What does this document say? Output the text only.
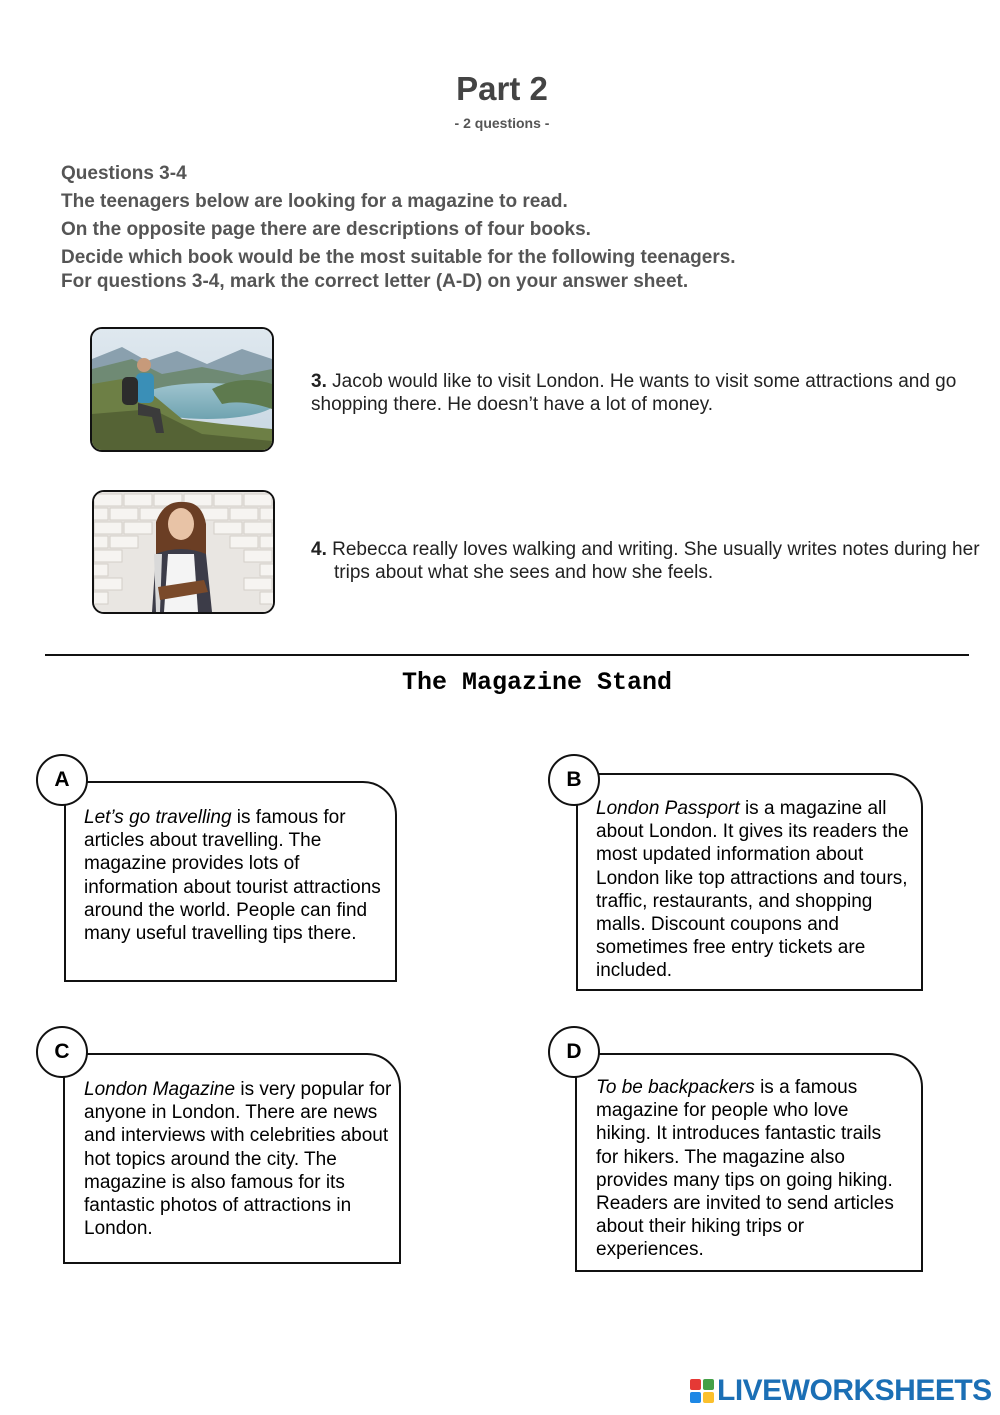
Part 2
- 2 questions -
Questions 3-4
The teenagers below are looking for a magazine to read.
On the opposite page there are descriptions of four books.
Decide which book would be the most suitable for the following teenagers.
For questions 3-4, mark the correct letter (A-D) on your answer sheet.
3. Jacob would like to visit London. He wants to visit some attractions and go shopping there. He doesn’t have a lot of money.
4. Rebecca really loves walking and writing. She usually writes notes during her trips about what she sees and how she feels.
The Magazine Stand
Let’s go travelling is famous for articles about travelling. The magazine provides lots of information about tourist attractions around the world. People can find many useful travelling tips there.
A
London Passport is a magazine all about London. It gives its readers the most updated information about London like top attractions and tours, traffic, restaurants, and shopping malls. Discount coupons and sometimes free entry tickets are included.
B
London Magazine is very popular for anyone in London. There are news and interviews with celebrities about hot topics around the city. The magazine is also famous for its fantastic photos of attractions in London.
C
To be backpackers is a famous magazine for people who love hiking. It introduces fantastic trails for hikers. The magazine also provides many tips on going hiking. Readers are invited to send articles about their hiking trips or experiences.
D
LIVEWORKSHEETS
